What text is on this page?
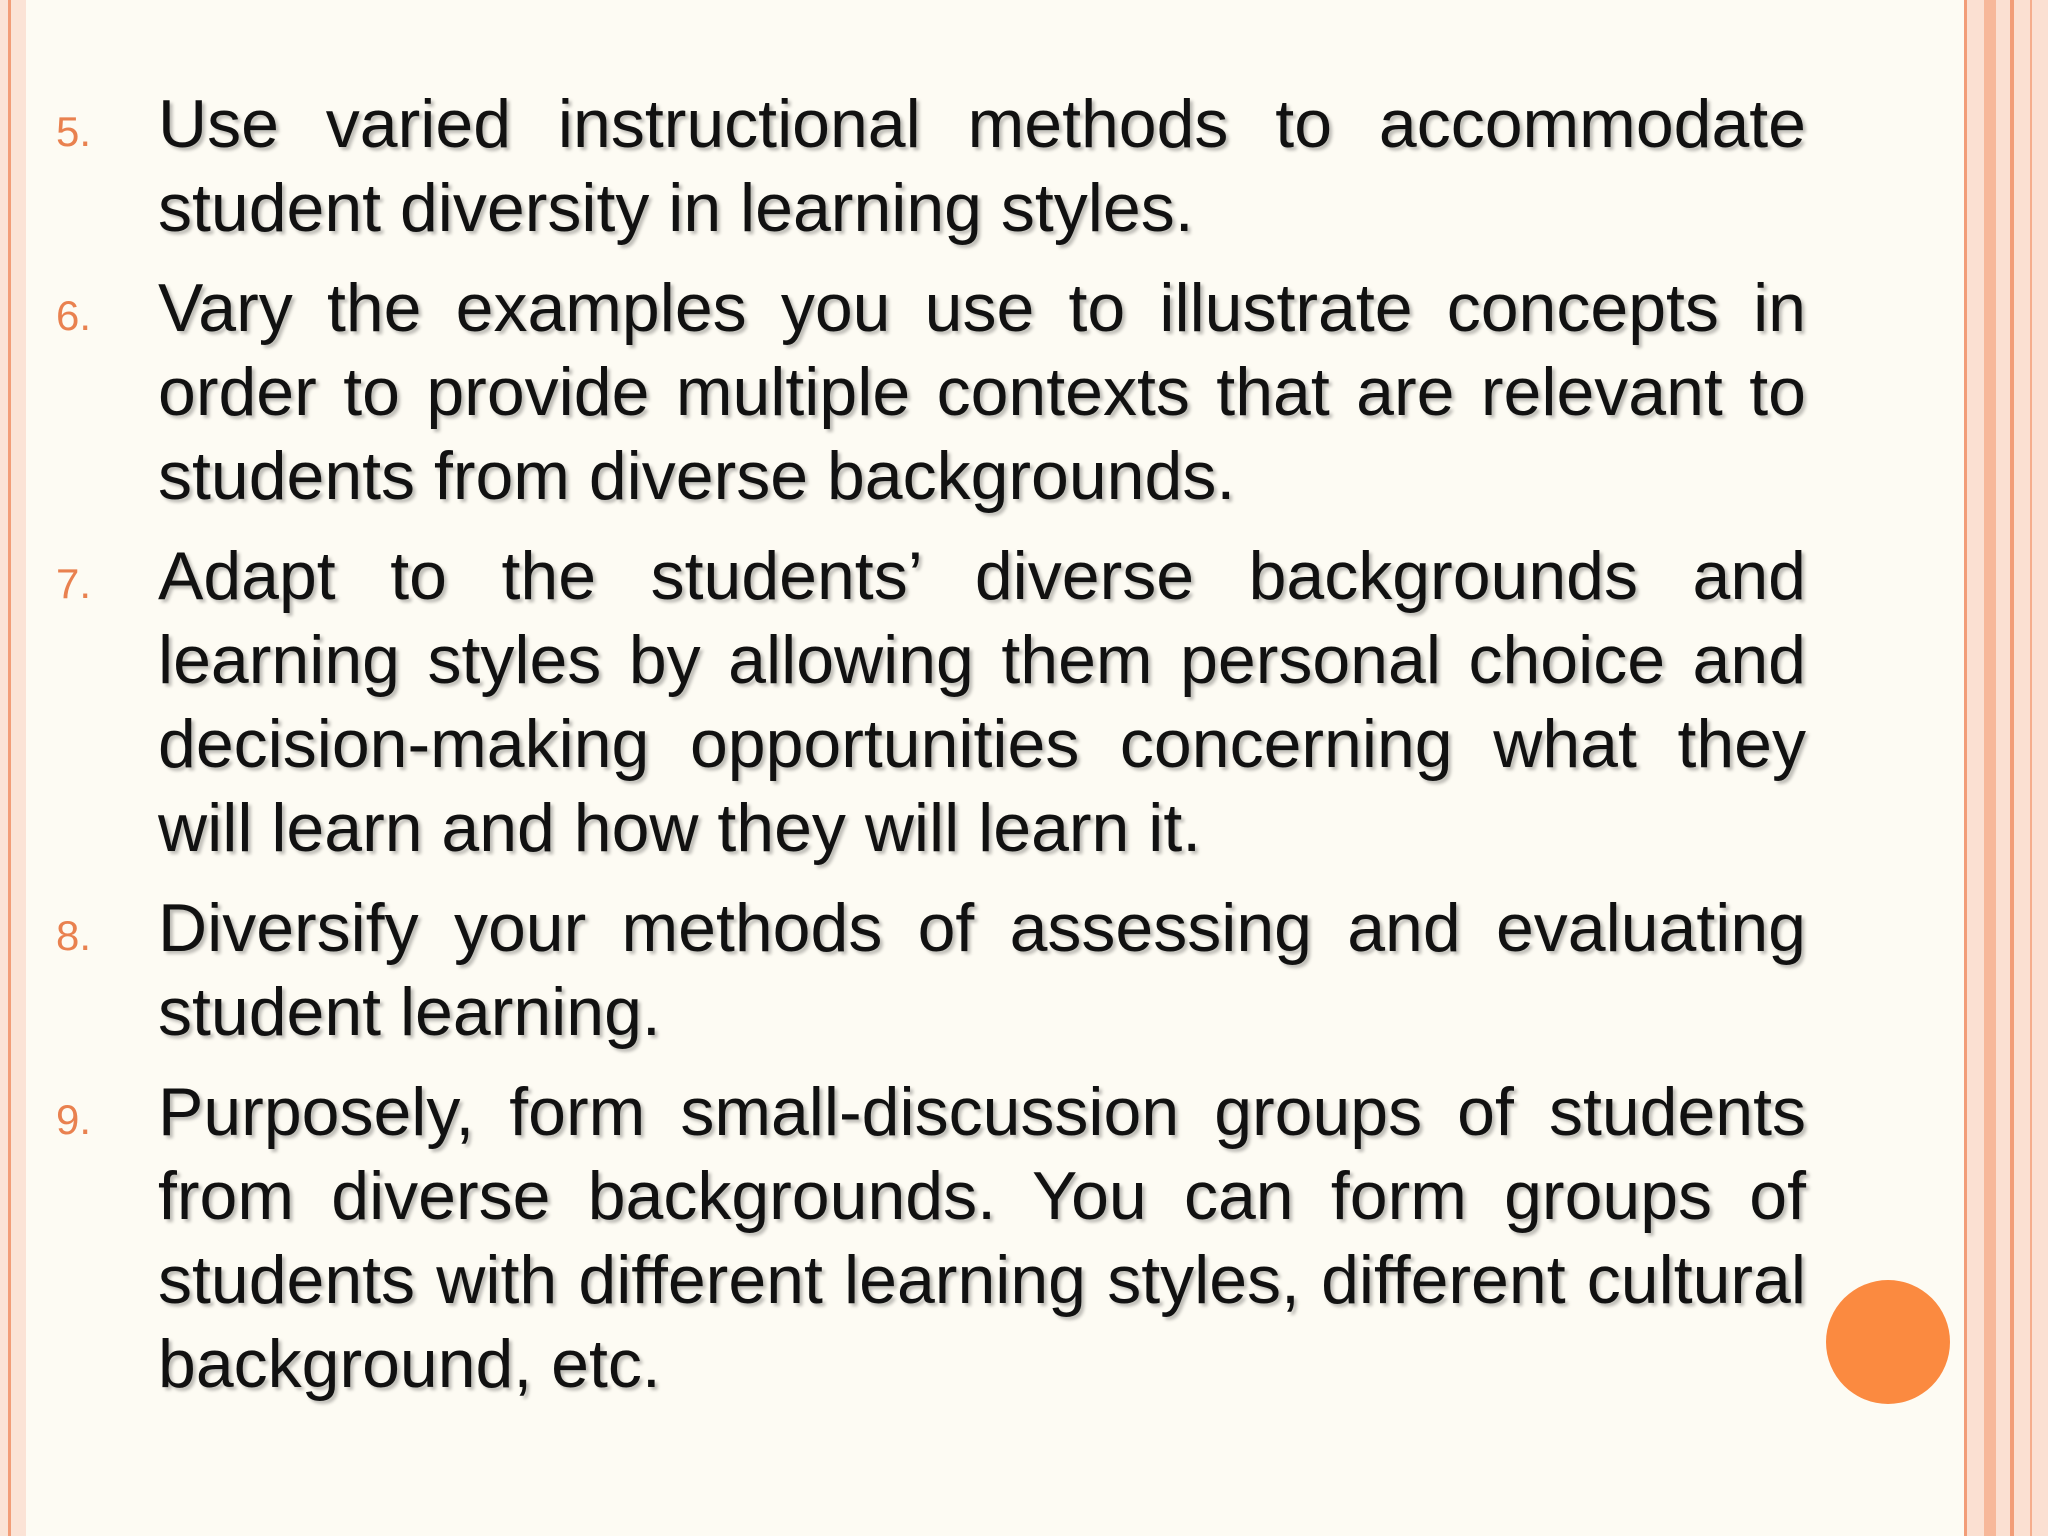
5. Use varied instructional methods to accommodate student diversity in learning styles.
6. Vary the examples you use to illustrate concepts in order to provide multiple contexts that are relevant to students from diverse backgrounds.
7. Adapt to the students’ diverse backgrounds and learning styles by allowing them personal choice and decision-making opportunities concerning what they will learn and how they will learn it.
8. Diversify your methods of assessing and evaluating student learning.
9. Purposely, form small-discussion groups of students from diverse backgrounds. You can form groups of students with different learning styles, different cultural background, etc.
